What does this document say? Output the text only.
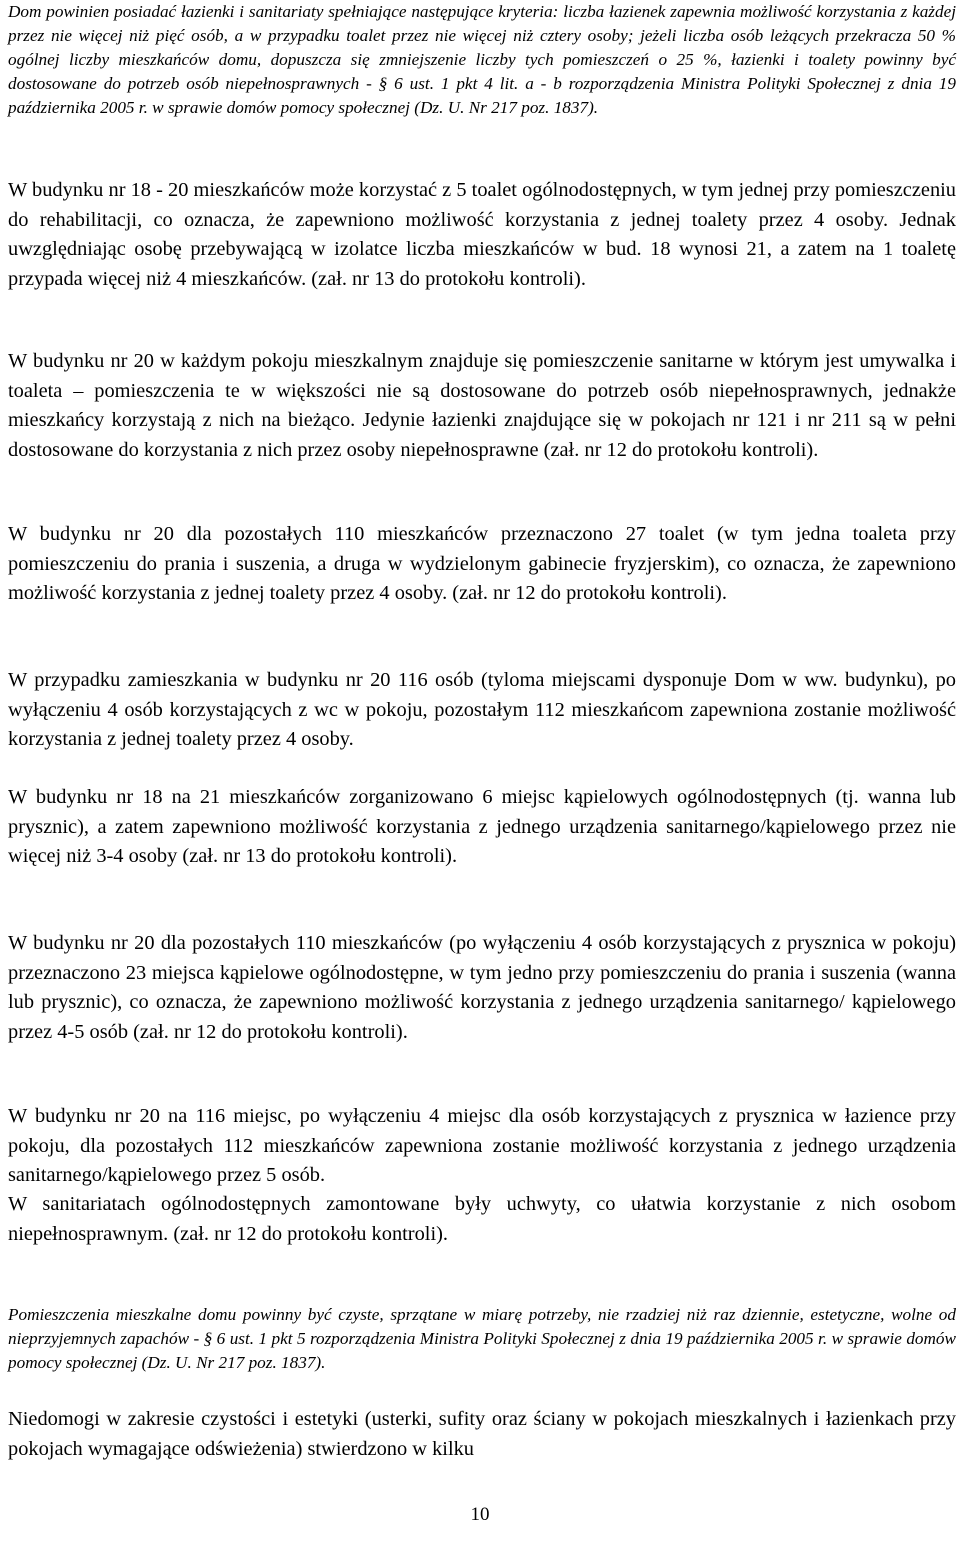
Dom powinien posiadać łazienki i sanitariaty spełniające następujące kryteria: liczba łazienek zapewnia możliwość korzystania z każdej przez nie więcej niż pięć osób, a w przypadku toalet przez nie więcej niż cztery osoby; jeżeli liczba osób leżących przekracza 50 % ogólnej liczby mieszkańców domu, dopuszcza się zmniejszenie liczby tych pomieszczeń o 25 %, łazienki i toalety powinny być dostosowane do potrzeb osób niepełnosprawnych - § 6 ust. 1 pkt 4 lit. a - b rozporządzenia Ministra Polityki Społecznej z dnia 19 października 2005 r. w sprawie domów pomocy społecznej (Dz. U. Nr 217 poz. 1837).
W budynku nr 18 - 20 mieszkańców może korzystać z 5 toalet ogólnodostępnych, w tym jednej przy pomieszczeniu do rehabilitacji, co oznacza, że zapewniono możliwość korzystania z jednej toalety przez 4 osoby. Jednak uwzględniając osobę przebywającą w izolatce liczba mieszkańców w bud. 18 wynosi 21, a zatem na 1 toaletę przypada więcej niż 4 mieszkańców. (zał. nr 13 do protokołu kontroli).
W budynku nr 20 w każdym pokoju mieszkalnym znajduje się pomieszczenie sanitarne w którym jest umywalka i toaleta – pomieszczenia te w większości nie są dostosowane do potrzeb osób niepełnosprawnych, jednakże mieszkańcy korzystają z nich na bieżąco. Jedynie łazienki znajdujące się w pokojach nr 121 i nr 211 są w pełni dostosowane do korzystania z nich przez osoby niepełnosprawne (zał. nr 12 do protokołu kontroli).
W budynku nr 20 dla pozostałych 110 mieszkańców przeznaczono 27 toalet (w tym jedna toaleta przy pomieszczeniu do prania i suszenia, a druga w wydzielonym gabinecie fryzjerskim), co oznacza, że zapewniono możliwość korzystania z jednej toalety przez 4 osoby. (zał. nr 12 do protokołu kontroli).
W przypadku zamieszkania w budynku nr 20 116 osób (tyloma miejscami dysponuje Dom w ww. budynku), po wyłączeniu 4 osób korzystających z wc w pokoju, pozostałym 112 mieszkańcom zapewniona zostanie możliwość korzystania z jednej toalety przez 4 osoby.
W budynku nr 18 na 21 mieszkańców zorganizowano 6 miejsc kąpielowych ogólnodostępnych (tj. wanna lub prysznic), a zatem zapewniono możliwość korzystania z jednego urządzenia sanitarnego/kąpielowego przez nie więcej niż 3-4 osoby (zał. nr 13 do protokołu kontroli).
W budynku nr 20 dla pozostałych 110 mieszkańców (po wyłączeniu 4 osób korzystających z prysznica w pokoju) przeznaczono 23 miejsca kąpielowe ogólnodostępne, w tym jedno przy pomieszczeniu do prania i suszenia (wanna lub prysznic), co oznacza, że zapewniono możliwość korzystania z jednego urządzenia sanitarnego/ kąpielowego przez 4-5 osób (zał. nr 12 do protokołu kontroli).
W budynku nr 20 na 116 miejsc, po wyłączeniu 4 miejsc dla osób korzystających z prysznica w łazience przy pokoju, dla pozostałych 112 mieszkańców zapewniona zostanie możliwość korzystania z jednego urządzenia sanitarnego/kąpielowego przez 5 osób.
W sanitariatach ogólnodostępnych zamontowane były uchwyty, co ułatwia korzystanie z nich osobom niepełnosprawnym. (zał. nr 12 do protokołu kontroli).
Pomieszczenia mieszkalne domu powinny być czyste, sprzątane w miarę potrzeby, nie rzadziej niż raz dziennie, estetyczne, wolne od nieprzyjemnych zapachów - § 6 ust. 1 pkt 5 rozporządzenia Ministra Polityki Społecznej z dnia 19 października 2005 r. w sprawie domów pomocy społecznej (Dz. U. Nr 217 poz. 1837).
Niedomogi w zakresie czystości i estetyki (usterki, sufity oraz ściany w pokojach mieszkalnych i łazienkach przy pokojach wymagające odświeżenia) stwierdzono w kilku
10
